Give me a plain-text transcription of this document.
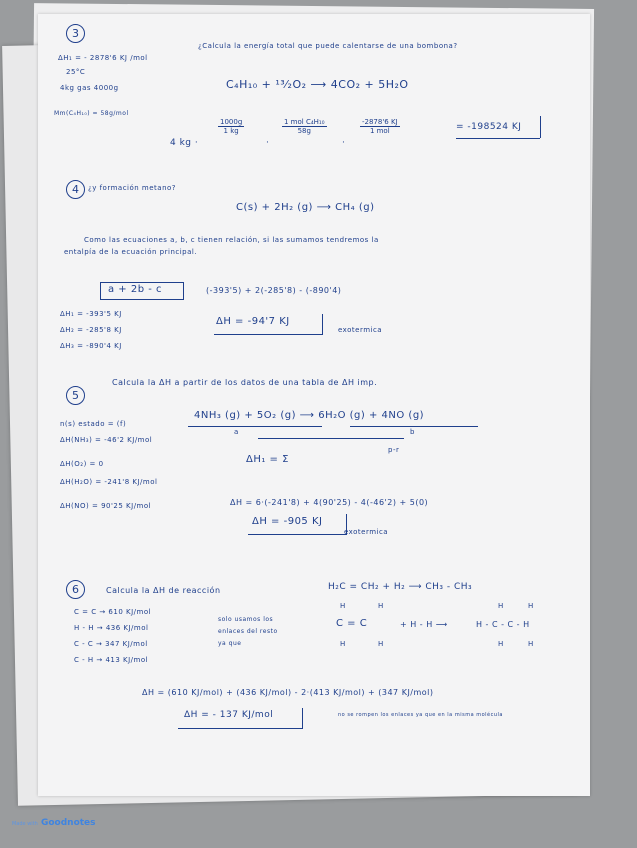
3
ΔH₁ = - 2878'6 KJ /mol
25°C
4kg gas 4000g
Mm(C₄H₁₀) = 58g/mol
¿Calcula la energía total que puede calentarse de una bombona?
C₄H₁₀ + ¹³⁄₂O₂ ⟶ 4CO₂ + 5H₂O
4 kg ·
$\frac{1000g}{1 kg}$
·
1 mol C₄H₁₀
58g
·
-2878'6 KJ
1 mol	= -198524 KJ
4	¿y formación metano?
C(s) + 2H₂ (g) ⟶ CH₄ (g)
Como las ecuaciones a, b, c tienen relación, si las sumamos tendremos la
entalpía de la ecuación principal.
a + 2b - c	(-393'5) + 2(-285'8) - (-890'4)
ΔH₁ = -393'5 KJ
ΔH₂ = -285'8 KJ
ΔH₃ = -890'4 KJ
ΔH = -94'7 KJ
exotermica
5
Calcula la ΔH a partir de los datos de una tabla de ΔH imp.
4NH₃ (g) + 5O₂ (g) ⟶ 6H₂O (g) + 4NO (g)
a	b
p-r
n(s) estado = (f)
ΔH(NH₃) = -46'2 KJ/mol
ΔH(O₂) = 0
ΔH(H₂O) = -241'8 KJ/mol
ΔH(NO) = 90'25 KJ/mol
ΔH₁ = Σ
ΔH = 6·(-241'8) + 4(90'25) - 4(-46'2) + 5(0)
ΔH = -905 KJ
exotermica
6	Calcula la ΔH de reacción	H₂C = CH₂ + H₂ ⟶ CH₃ - CH₃
C = C → 610 KJ/mol
H - H → 436 KJ/mol
C - C → 347 KJ/mol
C - H → 413 KJ/mol
solo usamos los
enlaces del resto
ya que
H	H
C = C	+ H - H ⟶	H - C - C - H
H	H
H	H
H	H
ΔH = (610 KJ/mol) + (436 KJ/mol) - 2·(413 KJ/mol) + (347 KJ/mol)
ΔH = - 137 KJ/mol	no se rompen los enlaces ya que en la misma molécula
Made with Goodnotes
